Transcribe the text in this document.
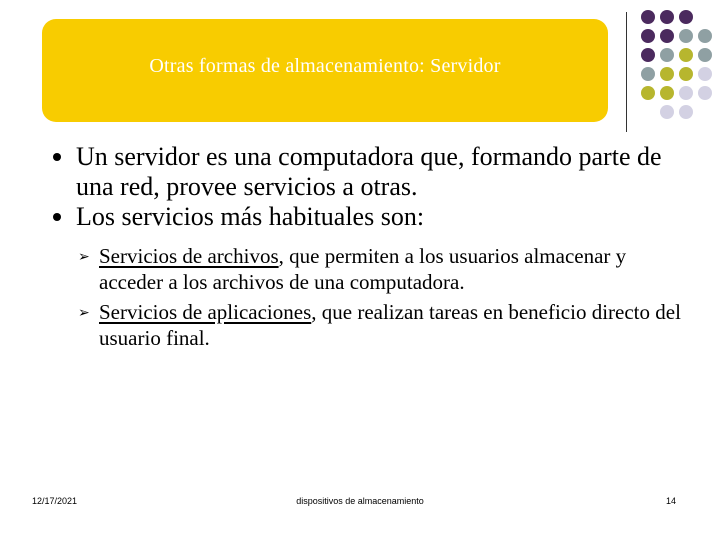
Otras formas de almacenamiento: Servidor
Un servidor es una computadora que, formando parte de una red, provee servicios a otras.
Los servicios más habituales son:
➢ Servicios de archivos, que permiten a los usuarios almacenar y acceder a los archivos de una computadora.
➢ Servicios de aplicaciones, que realizan tareas en beneficio directo del usuario final.
12/17/2021	dispositivos de almacenamiento	14
